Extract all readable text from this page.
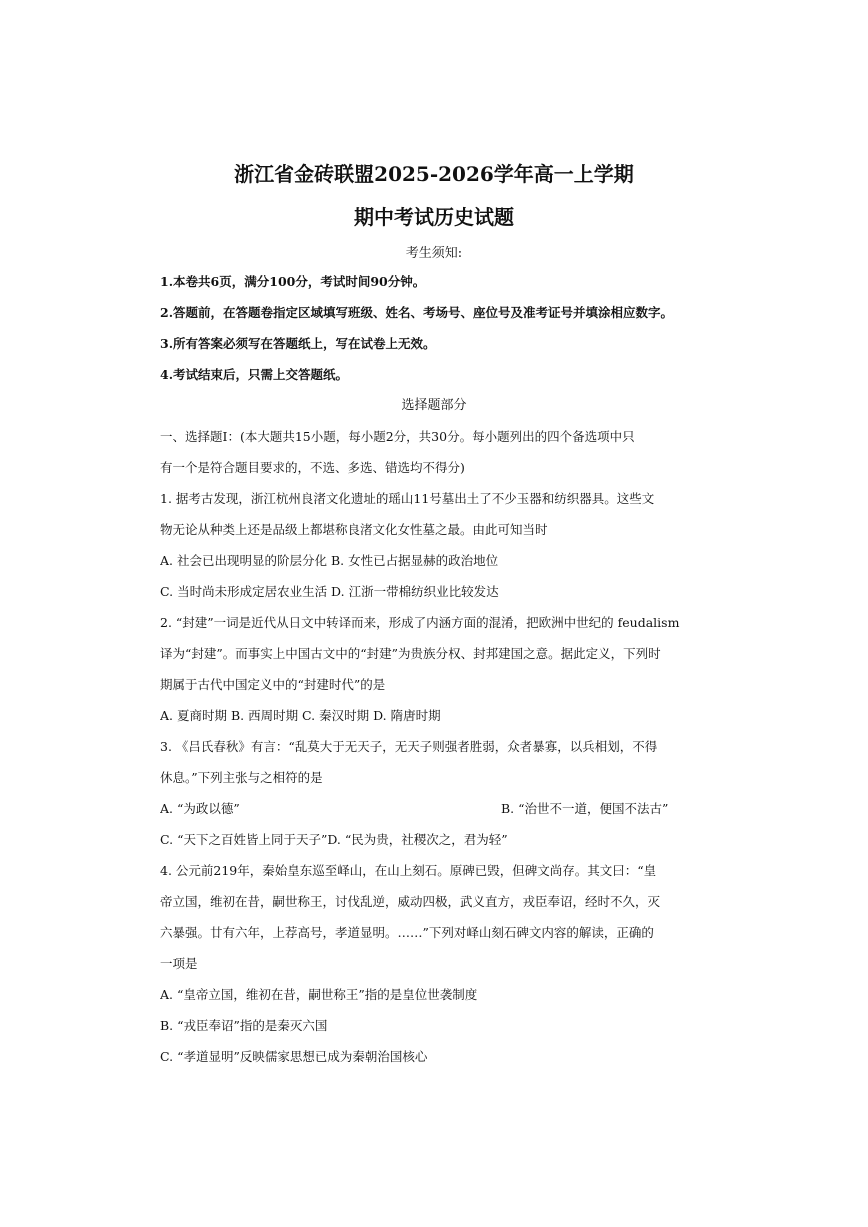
浙江省金砖联盟2025-2026学年高一上学期
期中考试历史试题
考生须知:
1.本卷共6页，满分100分，考试时间90分钟。
2.答题前，在答题卷指定区域填写班级、姓名、考场号、座位号及准考证号并填涂相应数字。
3.所有答案必须写在答题纸上，写在试卷上无效。
4.考试结束后，只需上交答题纸。
选择题部分
一、选择题Ⅰ：(本大题共15小题，每小题2分，共30分。每小题列出的四个备选项中只
有一个是符合题目要求的，不选、多选、错选均不得分)
1. 据考古发现，浙江杭州良渚文化遗址的瑶山11号墓出土了不少玉器和纺织器具。这些文
物无论从种类上还是品级上都堪称良渚文化女性墓之最。由此可知当时
A. 社会已出现明显的阶层分化 B. 女性已占据显赫的政治地位
C. 当时尚未形成定居农业生活 D. 江浙一带棉纺织业比较发达
2. “封建”一词是近代从日文中转译而来，形成了内涵方面的混淆，把欧洲中世纪的 feudalism
译为“封建”。而事实上中国古文中的“封建”为贵族分权、封邦建国之意。据此定义，下列时
期属于古代中国定义中的“封建时代”的是
A. 夏商时期 B. 西周时期 C. 秦汉时期 D. 隋唐时期
3. 《吕氏春秋》有言：“乱莫大于无天子，无天子则强者胜弱，众者暴寡，以兵相划，不得
休息。”下列主张与之相符的是
A. “为政以德”	B. “治世不一道，便国不法古”
C. “天下之百姓皆上同于天子”D. “民为贵，社稷次之，君为轻”
4. 公元前219年，秦始皇东巡至峄山，在山上刻石。原碑已毁，但碑文尚存。其文曰：“皇
帝立国，维初在昔，嗣世称王，讨伐乱逆，威动四极，武义直方，戎臣奉诏，经时不久，灭
六暴强。廿有六年，上荐高号，孝道显明。……”下列对峄山刻石碑文内容的解读，正确的
一项是
A. “皇帝立国，维初在昔，嗣世称王”指的是皇位世袭制度
B. “戎臣奉诏”指的是秦灭六国
C. “孝道显明”反映儒家思想已成为秦朝治国核心
